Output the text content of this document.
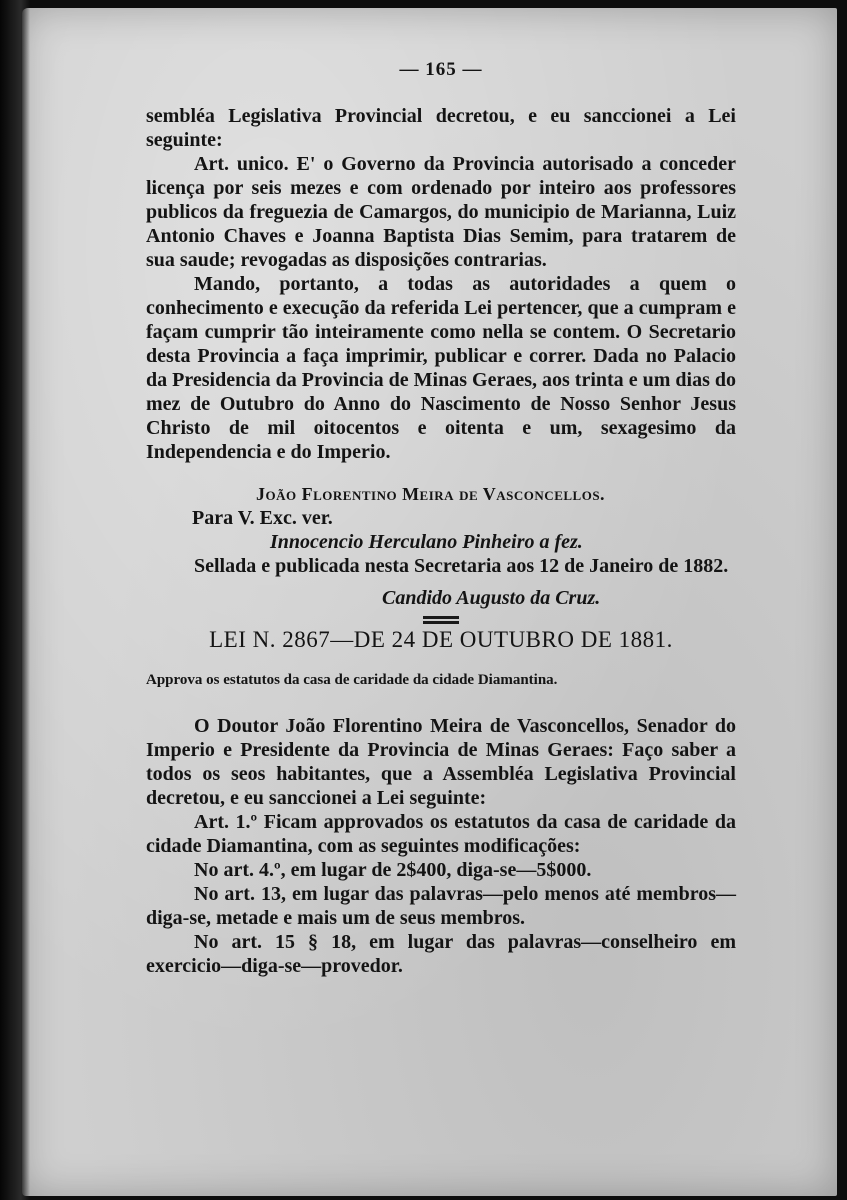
— 165 —

sembléa Legislativa Provincial decretou, e eu sanccionei a Lei seguinte:

Art. unico. E' o Governo da Provincia autorisado a conceder licença por seis mezes e com ordenado por inteiro aos professores publicos da freguezia de Camargos, do municipio de Marianna, Luiz Antonio Chaves e Joanna Baptista Dias Semim, para tratarem de sua saude; revogadas as disposições contrarias.

Mando, portanto, a todas as autoridades a quem o conhecimento e execução da referida Lei pertencer, que a cumpram e façam cumprir tão inteiramente como nella se contem. O Secretario desta Provincia a faça imprimir, publicar e correr. Dada no Palacio da Presidencia da Provincia de Minas Geraes, aos trinta e um dias do mez de Outubro do Anno do Nascimento de Nosso Senhor Jesus Christo de mil oitocentos e oitenta e um, sexagesimo da Independencia e do Imperio.

João Florentino Meira de Vasconcellos.
Para V. Exc. ver.
Innocencio Herculano Pinheiro a fez.

Sellada e publicada nesta Secretaria aos 12 de Janeiro de 1882.

Candido Augusto da Cruz.
LEI N. 2867—DE 24 DE OUTUBRO DE 1881.
Approva os estatutos da casa de caridade da cidade Diamantina.

O Doutor João Florentino Meira de Vasconcellos, Senador do Imperio e Presidente da Provincia de Minas Geraes: Faço saber a todos os seos habitantes, que a Assembléa Legislativa Provincial decretou, e eu sanccionei a Lei seguinte:

Art. 1.º Ficam approvados os estatutos da casa de caridade da cidade Diamantina, com as seguintes modificações:

No art. 4.º, em lugar de 2$400, diga-se—5$000.

No art. 13, em lugar das palavras—pelo menos até membros—diga-se, metade e mais um de seus membros.

No art. 15 § 18, em lugar das palavras—conselheiro em exercicio—diga-se—provedor.
